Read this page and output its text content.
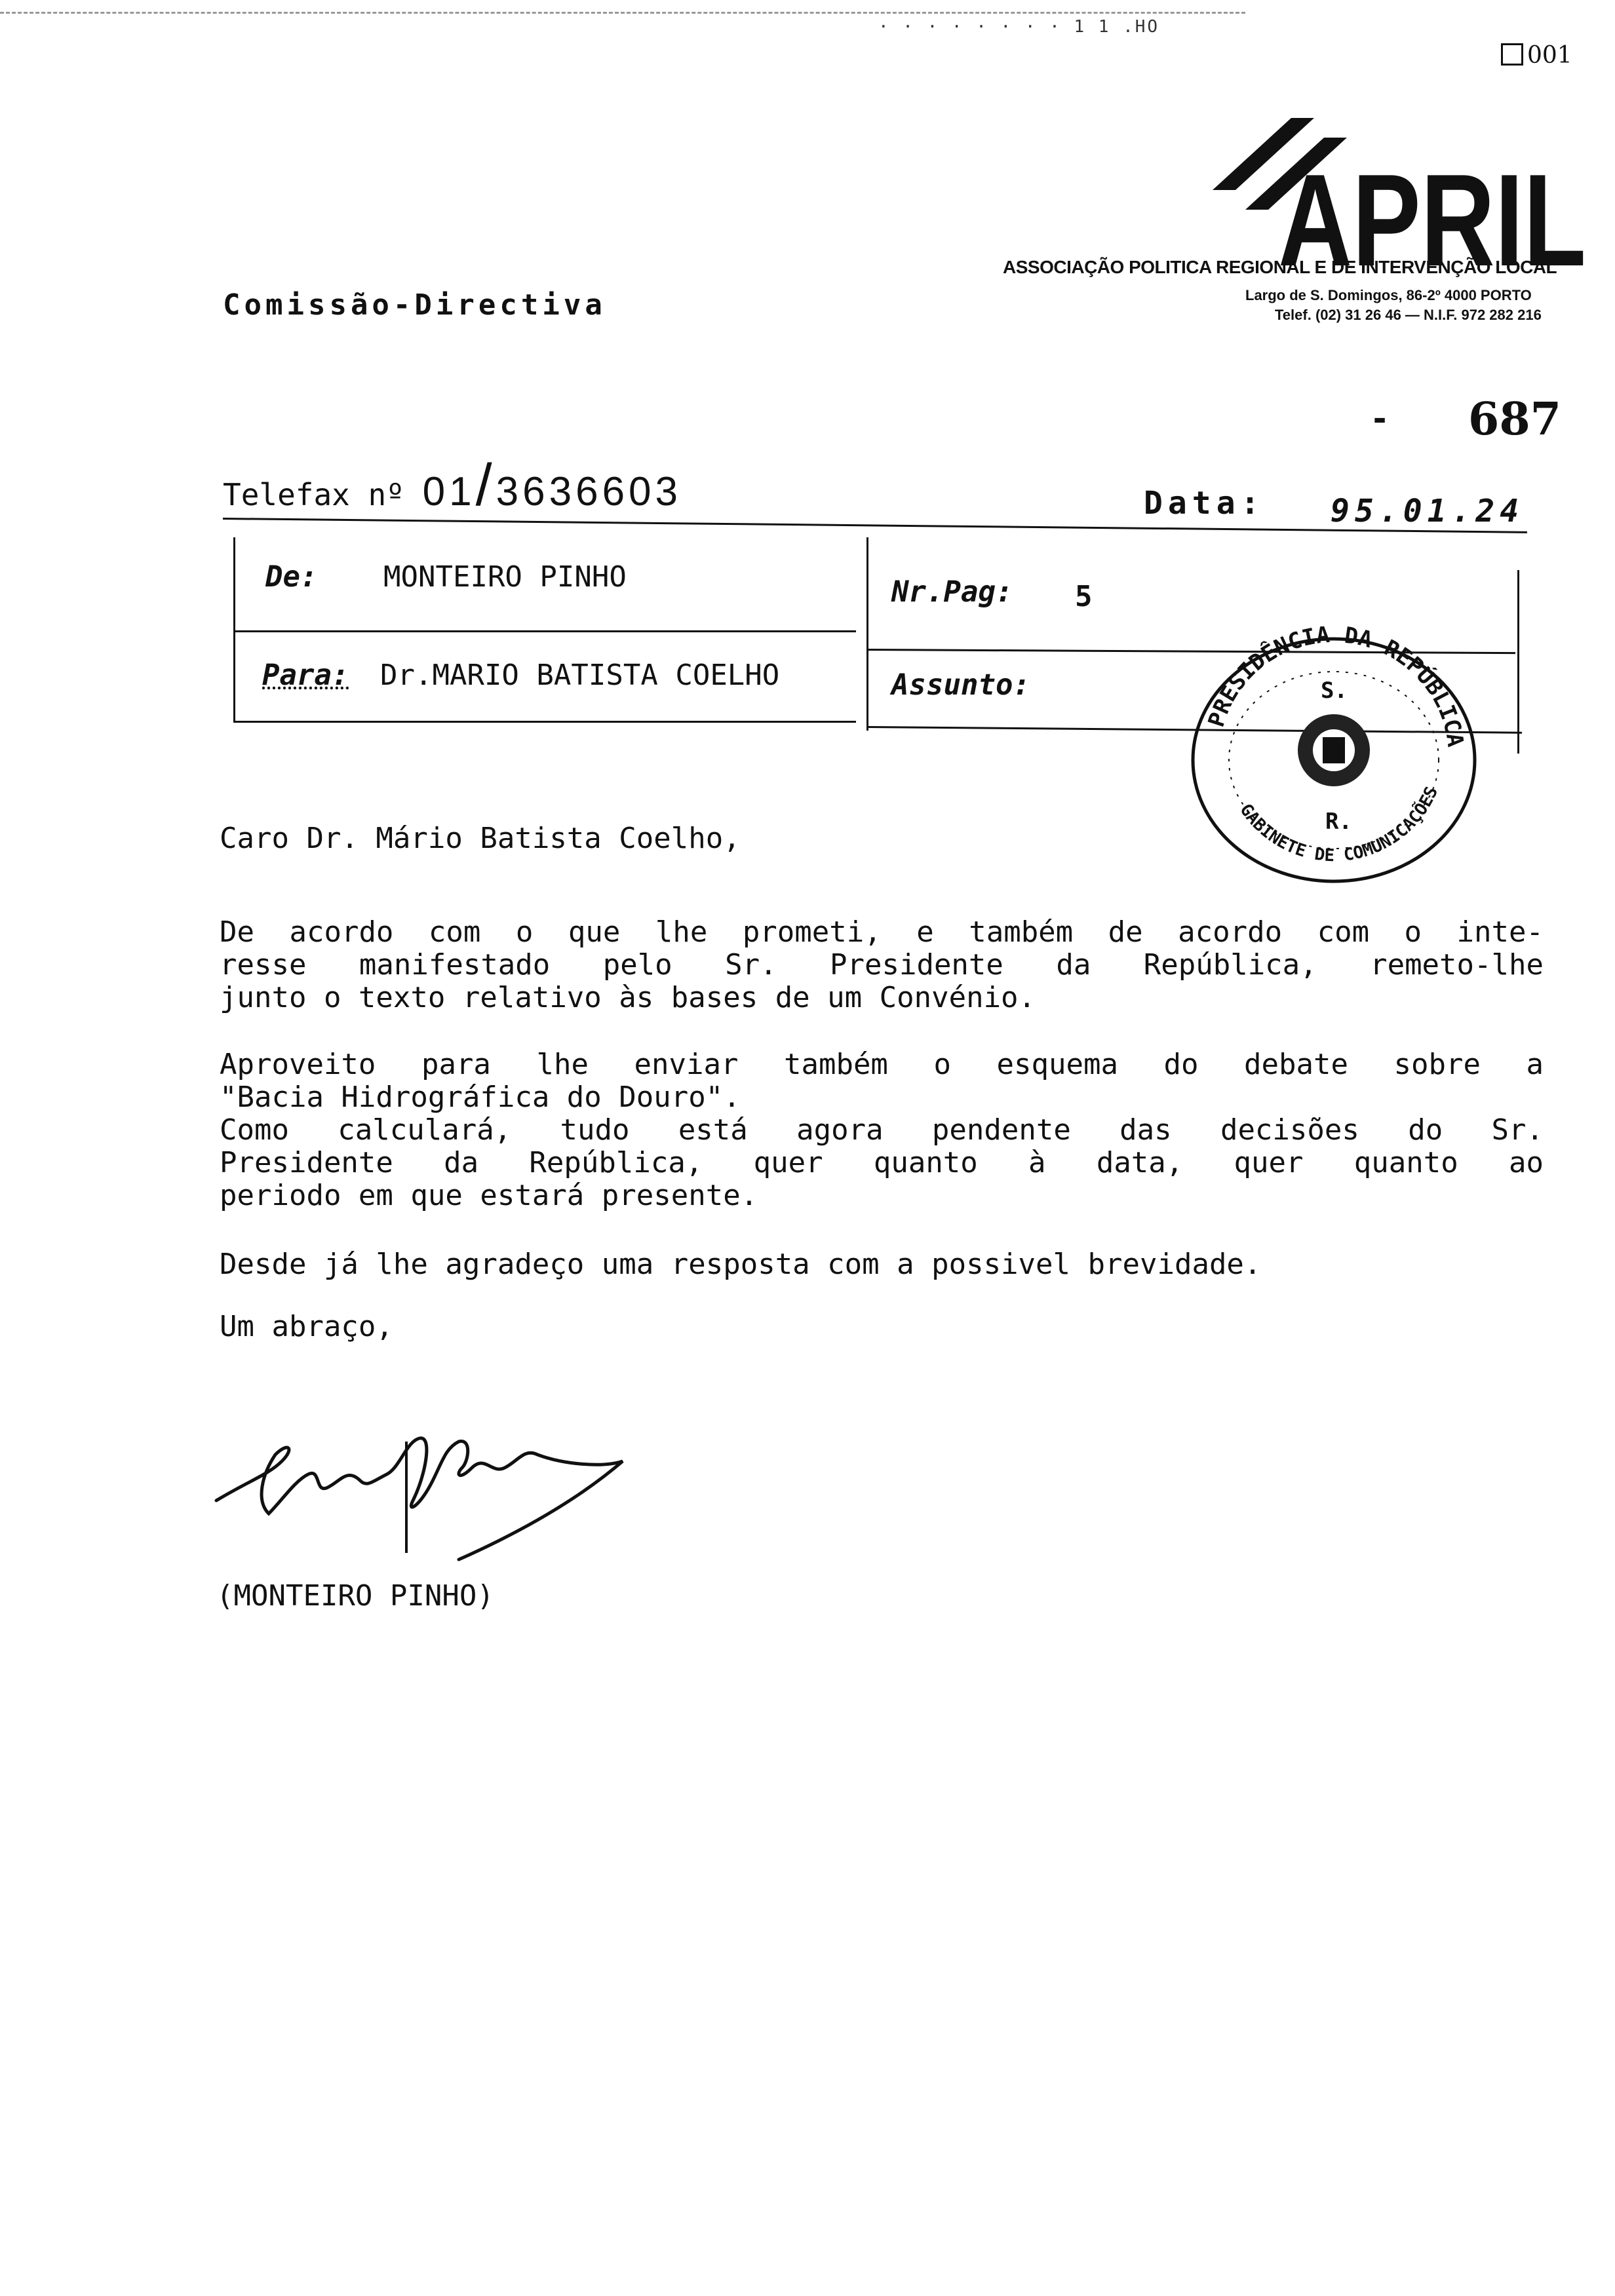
· · · · · · · · 1 1 .HO
001
APRIL
ASSOCIAÇÃO POLITICA REGIONAL E DE INTERVENÇÃO LOCAL
Largo de S. Domingos, 86-2º 4000 PORTO
Telef. (02) 31 26 46 — N.I.F. 972 282 216
Comissão-Directiva
- 687
Telefax nº 01/3636603	Data: 95.01.24
De: MONTEIRO PINHO	Nr.Pag: 5
Para: Dr.MARIO BATISTA COELHO	Assunto:
PRESIDÊNCIA DA REPÚBLICA
GABINETE DE COMUNICAÇÕES
S.
R.
Caro Dr. Mário Batista Coelho,
De acordo com o que lhe prometi, e também de acordo com o inte-
resse manifestado pelo Sr. Presidente da República, remeto-lhe
junto o texto relativo às bases de um Convénio.
Aproveito para lhe enviar também o esquema do debate sobre a
"Bacia Hidrográfica do Douro".
Como calculará, tudo está agora pendente das decisões do Sr.
Presidente da República, quer quanto à data, quer quanto ao
periodo em que estará presente.
Desde já lhe agradeço uma resposta com a possivel brevidade.
Um abraço,
(MONTEIRO PINHO)
